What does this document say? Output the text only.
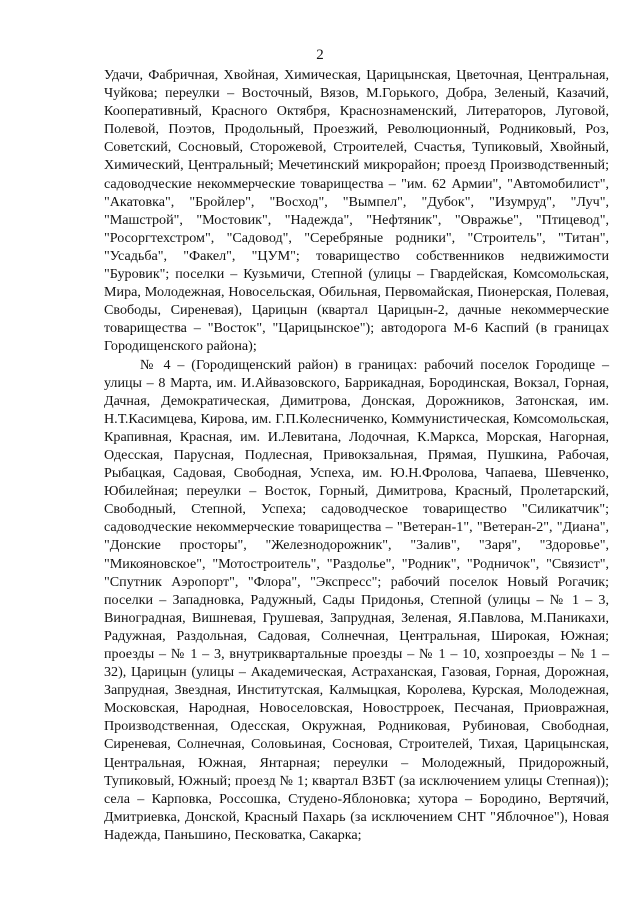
2

Удачи, Фабричная, Хвойная, Химическая, Царицынская, Цветочная, Центральная, Чуйкова; переулки – Восточный, Вязов, М.Горького, Добра, Зеленый, Казачий, Кооперативный, Красного Октября, Краснознаменский, Литераторов, Луговой, Полевой, Поэтов, Продольный, Проезжий, Революционный, Родниковый, Роз, Советский, Сосновый, Сторожевой, Строителей, Счастья, Тупиковый, Хвойный, Химический, Центральный; Мечетинский микрорайон; проезд Производственный; садоводческие некоммерческие товарищества – "им. 62 Армии", "Автомобилист", "Акатовка", "Бройлер", "Восход", "Вымпел", "Дубок", "Изумруд", "Луч", "Машстрой", "Мостовик", "Надежда", "Нефтяник", "Овражье", "Птицевод", "Росоргтехстром", "Садовод", "Серебряные родники", "Строитель", "Титан", "Усадьба", "Факел", "ЦУМ"; товарищество собственников недвижимости "Буровик"; поселки – Кузьмичи, Степной (улицы – Гвардейская, Комсомольская, Мира, Молодежная, Новосельская, Обильная, Первомайская, Пионерская, Полевая, Свободы, Сиреневая), Царицын (квартал Царицын-2, дачные некоммерческие товарищества – "Восток", "Царицынское"); автодорога М-6 Каспий (в границах Городищенского района);

№ 4 – (Городищенский район) в границах: рабочий поселок Городище – улицы – 8 Марта, им. И.Айвазовского, Баррикадная, Бородинская, Вокзал, Горная, Дачная, Демократическая, Димитрова, Донская, Дорожников, Затонская, им. Н.Т.Касимцева, Кирова, им. Г.П.Колесниченко, Коммунистическая, Комсомольская, Крапивная, Красная, им. И.Левитана, Лодочная, К.Маркса, Морская, Нагорная, Одесская, Парусная, Подлесная, Привокзальная, Прямая, Пушкина, Рабочая, Рыбацкая, Садовая, Свободная, Успеха, им. Ю.Н.Фролова, Чапаева, Шевченко, Юбилейная; переулки – Восток, Горный, Димитрова, Красный, Пролетарский, Свободный, Степной, Успеха; садоводческое товарищество "Силикатчик"; садоводческие некоммерческие товарищества – "Ветеран-1", "Ветеран-2", "Диана", "Донские просторы", "Железнодорожник", "Залив", "Заря", "Здоровье", "Микояновское", "Мотостроитель", "Раздолье", "Родник", "Родничок", "Связист", "Спутник Аэропорт", "Флора", "Экспресс"; рабочий поселок Новый Рогачик; поселки – Западновка, Радужный, Сады Придонья, Степной (улицы – № 1 – 3, Виноградная, Вишневая, Грушевая, Запрудная, Зеленая, Я.Павлова, М.Паникахи, Радужная, Раздольная, Садовая, Солнечная, Центральная, Широкая, Южная; проезды – № 1 – 3, внутриквартальные проезды – № 1 – 10, хозпроезды – № 1 – 32), Царицын (улицы – Академическая, Астраханская, Газовая, Горная, Дорожная, Запрудная, Звездная, Институтская, Калмыцкая, Королева, Курская, Молодежная, Московская, Народная, Новоселовская, Новострроек, Песчаная, Приовражная, Производственная, Одесская, Окружная, Родниковая, Рубиновая, Свободная, Сиреневая, Солнечная, Соловьиная, Сосновая, Строителей, Тихая, Царицынская, Центральная, Южная, Янтарная; переулки – Молодежный, Придорожный, Тупиковый, Южный; проезд № 1; квартал ВЗБТ (за исключением улицы Степная)); села – Карповка, Россошка, Студено-Яблоновка; хутора – Бородино, Вертячий, Дмитриевка, Донской, Красный Пахарь (за исключением СНТ "Яблочное"), Новая Надежда, Паньшино, Песковатка, Сакарка;
